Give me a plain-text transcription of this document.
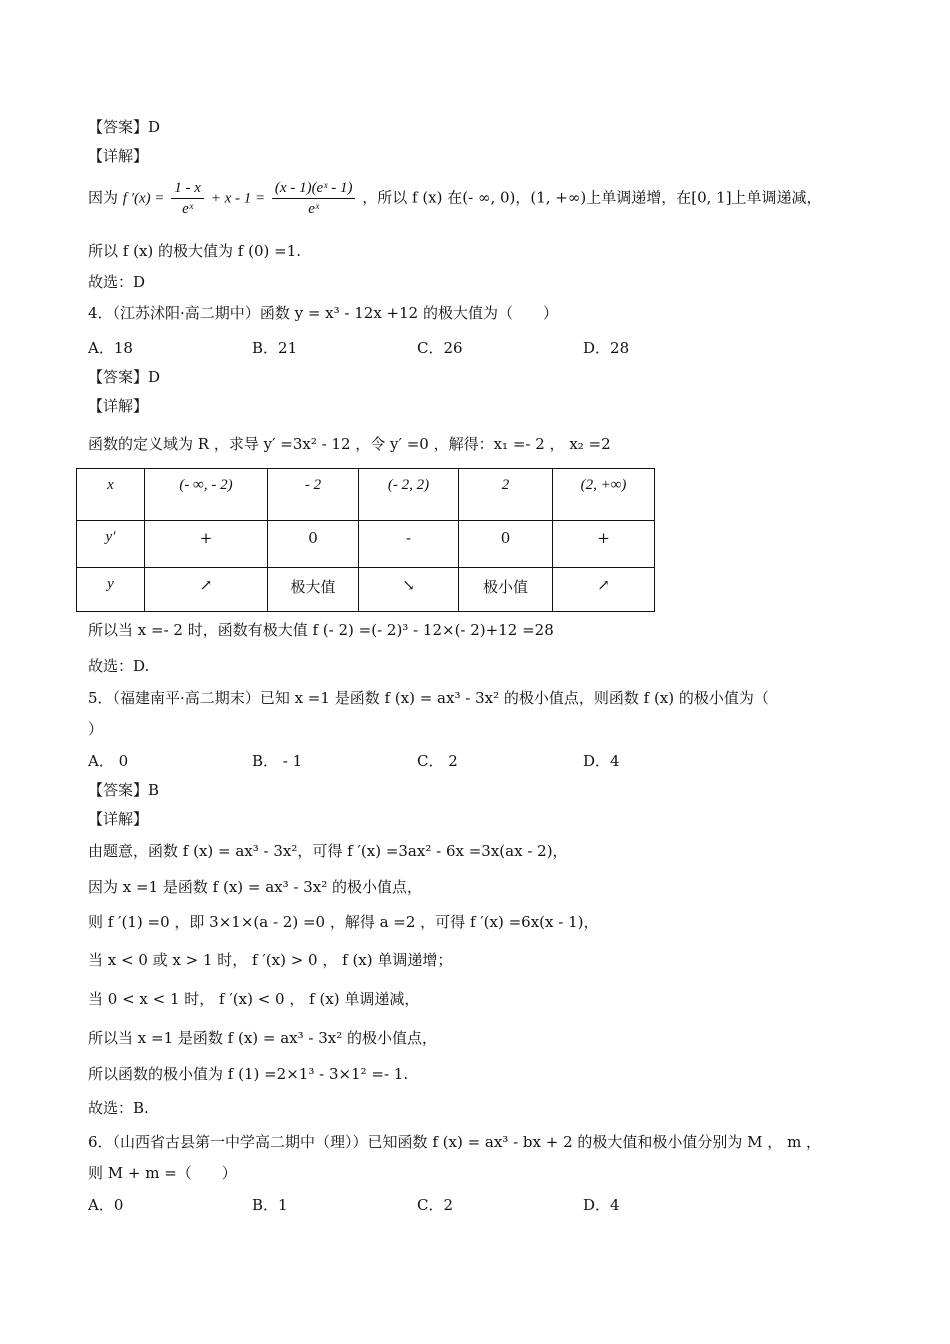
【答案】D
【详解】
因为 f $'(x) = \frac{1 - x}{\text{eˣ}} + x - 1 = \frac{\text{(x - 1)(eˣ - 1)}}{\text{eˣ}}$ ，所以 f (x) 在(- ∞, 0)，(1, +∞)上单调递增，在[0, 1]上单调递减，
所以 f (x) 的极大值为 f (0) =1.
故选：D
4．（江苏沭阳·高二期中）函数 y = x³ - 12x +12 的极大值为（　　）
A．18	B．21	C．26	D．28
【答案】D
【详解】
函数的定义域为 R ，求导 y′ =3x² - 12 ，令 y′ =0 ，解得：x₁ =- 2 ， x₂ =2
x	(- ∞, - 2)	- 2	(- 2, 2)	2	(2, +∞)
y′	+	0	-	0	+
y	↗	极大值	↘	极小值	↗
所以当 x =- 2 时，函数有极大值 f (- 2) =(- 2)³ - 12×(- 2)+12 =28
故选：D.
5．（福建南平·高二期末）已知 x =1 是函数 f (x) = ax³ - 3x² 的极小值点，则函数 f (x) 的极小值为（
）
A． 0	B． - 1	C． 2	D．4
【答案】B
【详解】
由题意，函数 f (x) = ax³ - 3x²，可得 f ′(x) =3ax² - 6x =3x(ax - 2)，
因为 x =1 是函数 f (x) = ax³ - 3x² 的极小值点，
则 f ′(1) =0 ，即 3×1×(a - 2) =0 ，解得 a =2 ，可得 f ′(x) =6x(x - 1)，
当 x < 0 或 x > 1 时， f ′(x) > 0 ， f (x) 单调递增；
当 0 < x < 1 时， f ′(x) < 0 ， f (x) 单调递减，
所以当 x =1 是函数 f (x) = ax³ - 3x² 的极小值点，
所以函数的极小值为 f (1) =2×1³ - 3×1² =- 1.
故选：B.
6．（山西省古县第一中学高二期中（理））已知函数 f (x) = ax³ - bx + 2 的极大值和极小值分别为 M ， m ，
则 M + m =（　　）
A．0	B．1	C．2	D．4
